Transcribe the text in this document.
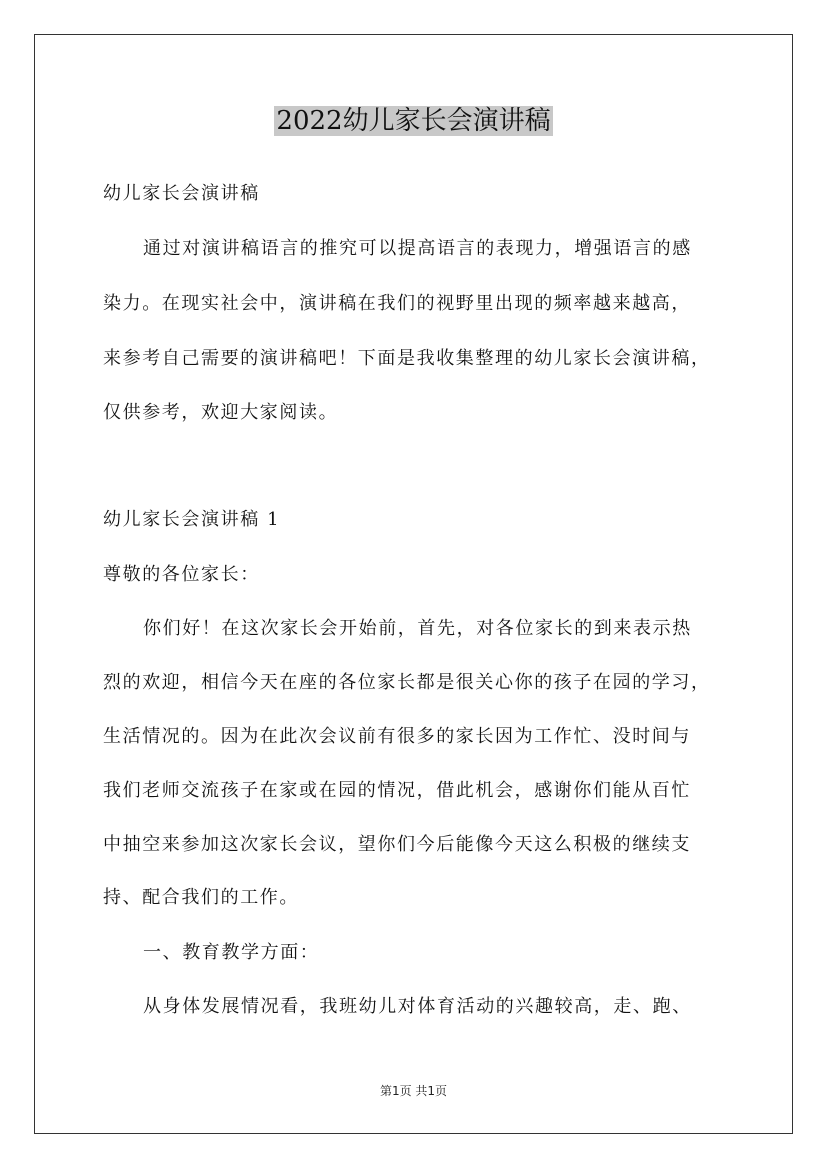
2022幼儿家长会演讲稿
幼儿家长会演讲稿
通过对演讲稿语言的推究可以提高语言的表现力，增强语言的感
染力。在现实社会中，演讲稿在我们的视野里出现的频率越来越高，
来参考自己需要的演讲稿吧！下面是我收集整理的幼儿家长会演讲稿，
仅供参考，欢迎大家阅读。
幼儿家长会演讲稿 1
尊敬的各位家长：
你们好！在这次家长会开始前，首先，对各位家长的到来表示热
烈的欢迎，相信今天在座的各位家长都是很关心你的孩子在园的学习，
生活情况的。因为在此次会议前有很多的家长因为工作忙、没时间与
我们老师交流孩子在家或在园的情况，借此机会，感谢你们能从百忙
中抽空来参加这次家长会议，望你们今后能像今天这么积极的继续支
持、配合我们的工作。
一、教育教学方面：
从身体发展情况看，我班幼儿对体育活动的兴趣较高，走、跑、
第1页 共1页
